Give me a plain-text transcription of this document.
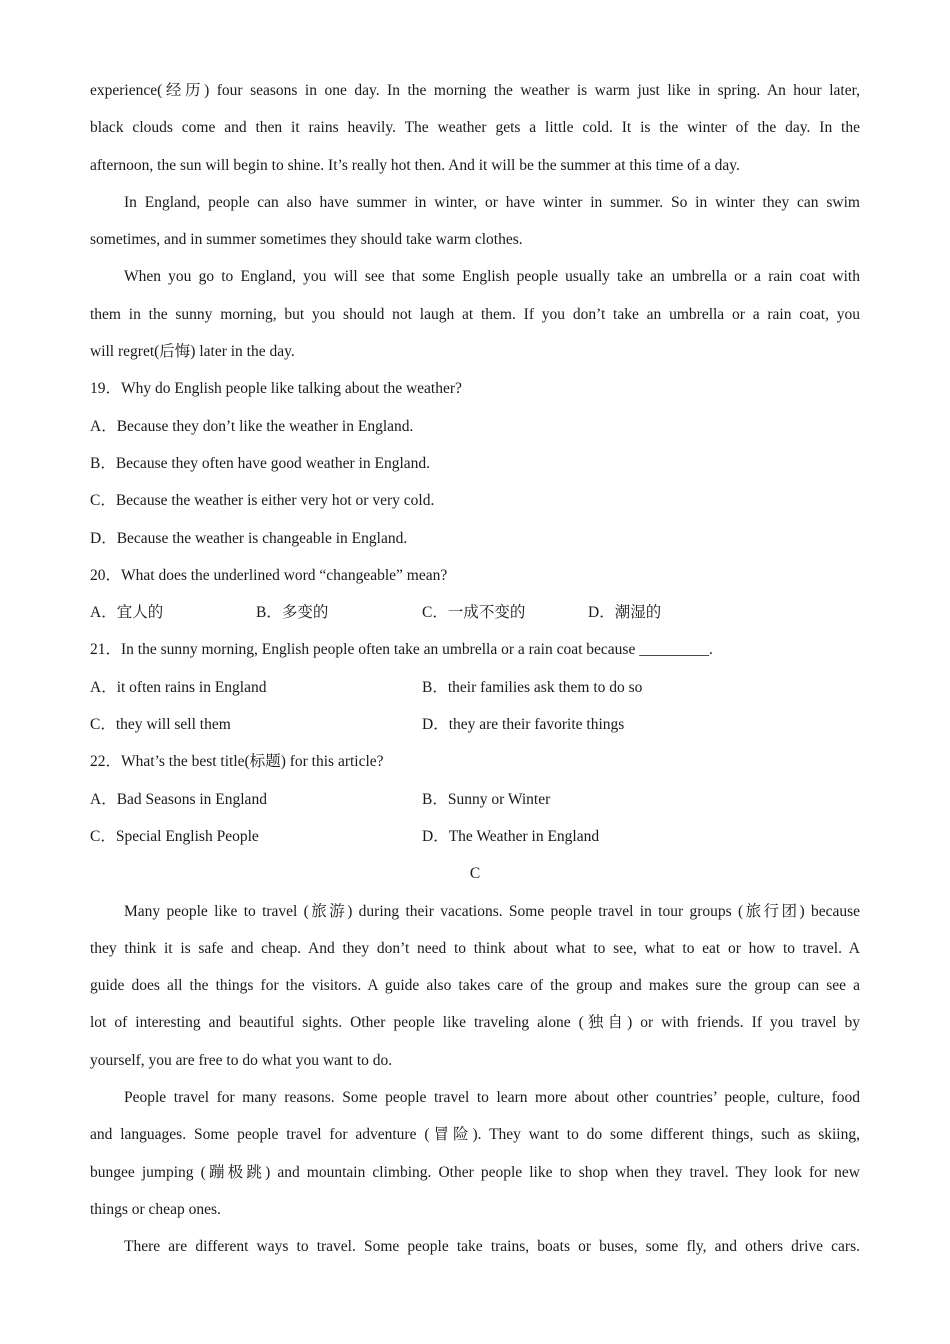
experience(经历) four seasons in one day. In the morning the weather is warm just like in spring. An hour later,
black clouds come and then it rains heavily. The weather gets a little cold. It is the winter of the day. In the
afternoon, the sun will begin to shine. It’s really hot then. And it will be the summer at this time of a day.
In England, people can also have summer in winter, or have winter in summer. So in winter they can swim
sometimes, and in summer sometimes they should take warm clothes.
When you go to England, you will see that some English people usually take an umbrella or a rain coat with
them in the sunny morning, but you should not laugh at them. If you don’t take an umbrella or a rain coat, you
will regret(后悔) later in the day.
19．Why do English people like talking about the weather?
A．Because they don’t like the weather in England.
B．Because they often have good weather in England.
C．Because the weather is either very hot or very cold.
D．Because the weather is changeable in England.
20．What does the underlined word “changeable” mean?
A．宜人的	B．多变的	C．一成不变的	D．潮湿的
21．In the sunny morning, English people often take an umbrella or a rain coat because _________.
A．it often rains in England	B．their families ask them to do so
C．they will sell them	D．they are their favorite things
22．What’s the best title(标题) for this article?
A．Bad Seasons in England	B．Sunny or Winter
C．Special English People	D．The Weather in England
C
Many people like to travel (旅游) during their vacations. Some people travel in tour groups (旅行团) because
they think it is safe and cheap. And they don’t need to think about what to see, what to eat or how to travel. A
guide does all the things for the visitors. A guide also takes care of the group and makes sure the group can see a
lot of interesting and beautiful sights. Other people like traveling alone (独自) or with friends. If you travel by
yourself, you are free to do what you want to do.
People travel for many reasons. Some people travel to learn more about other countries’ people, culture, food
and languages. Some people travel for adventure (冒险). They want to do some different things, such as skiing,
bungee jumping (蹦极跳) and mountain climbing. Other people like to shop when they travel. They look for new
things or cheap ones.
There are different ways to travel. Some people take trains, boats or buses, some fly, and others drive cars.
